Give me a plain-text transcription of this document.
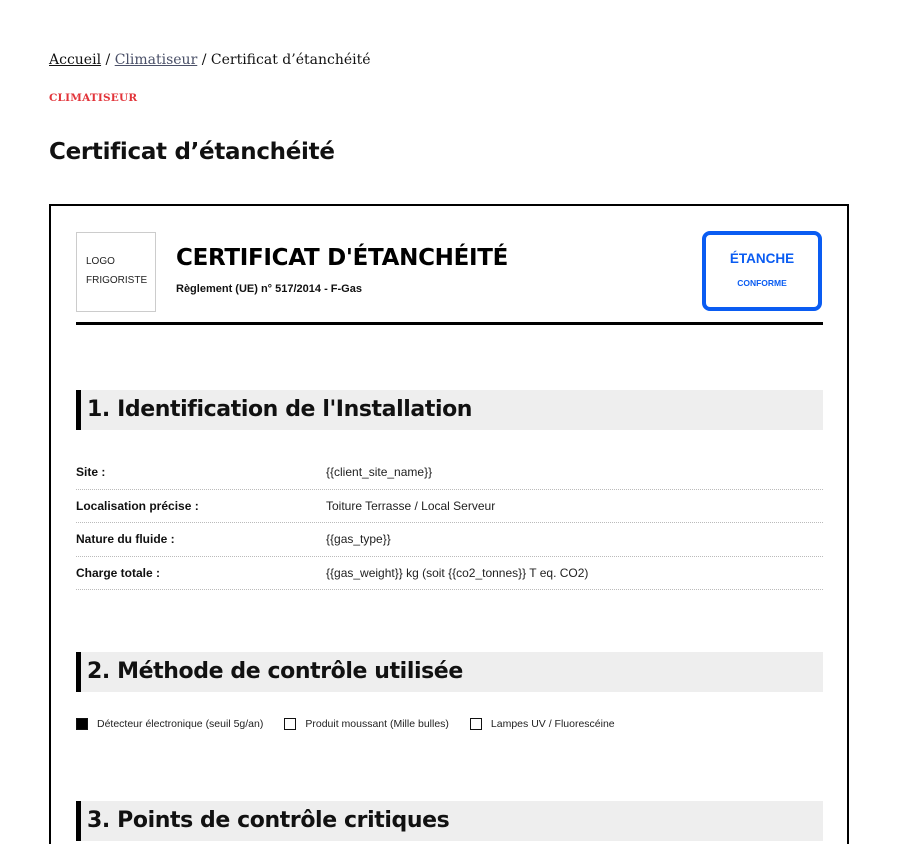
Accueil / Climatiseur / Certificat d’étanchéité
CLIMATISEUR
Certificat d’étanchéité
LOGO
FRIGORISTE
CERTIFICAT D'ÉTANCHÉITÉ
Règlement (UE) n° 517/2014 - F-Gas
ÉTANCHE
CONFORME
1. Identification de l'Installation
Site :	{{client_site_name}}
Localisation précise :	Toiture Terrasse / Local Serveur
Nature du fluide :	{{gas_type}}
Charge totale :	{{gas_weight}} kg (soit {{co2_tonnes}} T eq. CO2)
2. Méthode de contrôle utilisée
Détecteur électronique (seuil 5g/an)	Produit moussant (Mille bulles)	Lampes UV / Fluorescéine
3. Points de contrôle critiques
